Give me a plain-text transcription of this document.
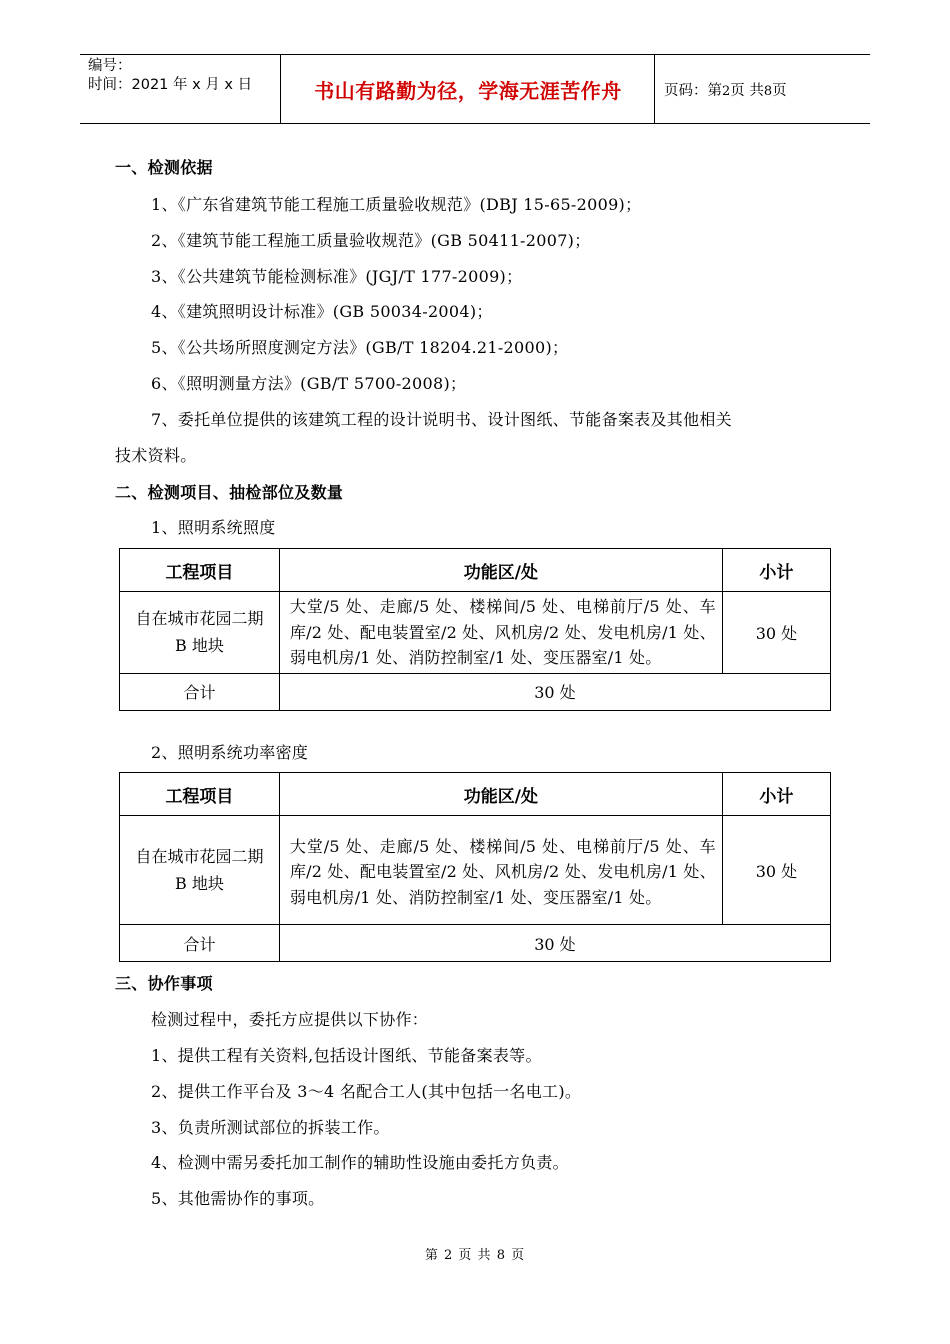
编号：
时间：2021 年 x 月 x 日	书山有路勤为径，学海无涯苦作舟	页码：第2页 共8页
一、检测依据
1、《广东省建筑节能工程施工质量验收规范》(DBJ 15-65-2009)；
2、《建筑节能工程施工质量验收规范》(GB 50411-2007)；
3、《公共建筑节能检测标准》(JGJ/T 177-2009)；
4、《建筑照明设计标准》(GB 50034-2004)；
5、《公共场所照度测定方法》(GB/T 18204.21-2000)；
6、《照明测量方法》(GB/T 5700-2008)；
7、委托单位提供的该建筑工程的设计说明书、设计图纸、节能备案表及其他相关
技术资料。
二、检测项目、抽检部位及数量
1、照明系统照度
工程项目	功能区/处	小计
自在城市花园二期 B 地块	大堂/5 处、走廊/5 处、楼梯间/5 处、电梯前厅/5 处、车库/2 处、配电装置室/2 处、风机房/2 处、发电机房/1 处、弱电机房/1 处、消防控制室/1 处、变压器室/1 处。	30 处
合计	30 处	
2、照明系统功率密度
工程项目	功能区/处	小计
自在城市花园二期 B 地块	大堂/5 处、走廊/5 处、楼梯间/5 处、电梯前厅/5 处、车库/2 处、配电装置室/2 处、风机房/2 处、发电机房/1 处、弱电机房/1 处、消防控制室/1 处、变压器室/1 处。	30 处
合计	30 处	
三、协作事项
检测过程中，委托方应提供以下协作：
1、提供工程有关资料,包括设计图纸、节能备案表等。
2、提供工作平台及 3～4 名配合工人(其中包括一名电工)。
3、负责所测试部位的拆装工作。
4、检测中需另委托加工制作的辅助性设施由委托方负责。
5、其他需协作的事项。
第 2 页 共 8 页
